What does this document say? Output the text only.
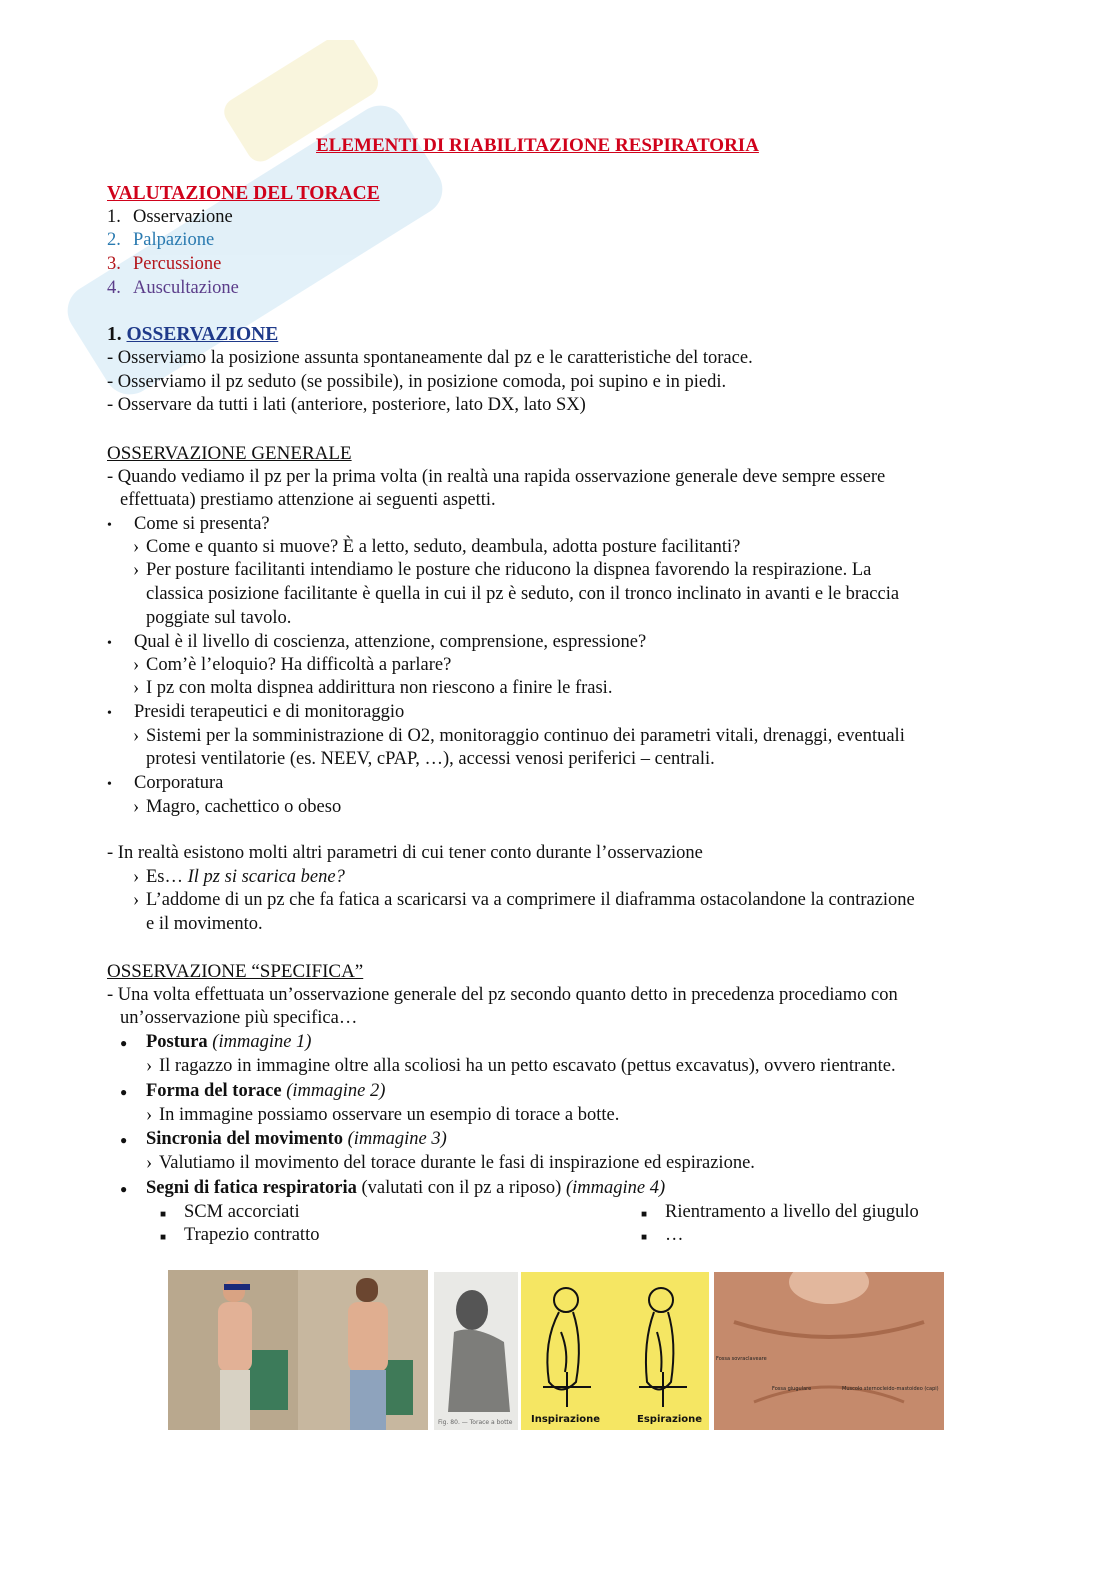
ELEMENTI DI RIABILITAZIONE RESPIRATORIA
VALUTAZIONE DEL TORACE
1. Osservazione
2. Palpazione
3. Percussione
4. Auscultazione
1. OSSERVAZIONE
- Osserviamo la posizione assunta spontaneamente dal pz e le caratteristiche del torace.
- Osserviamo il pz seduto (se possibile), in posizione comoda, poi supino e in piedi.
- Osservare da tutti i lati (anteriore, posteriore, lato DX, lato SX)
OSSERVAZIONE GENERALE
- Quando vediamo il pz per la prima volta (in realtà una rapida osservazione generale deve sempre essere
effettuata) prestiamo attenzione ai seguenti aspetti.
• Come si presenta?
› Come e quanto si muove? È a letto, seduto, deambula, adotta posture facilitanti?
› Per posture facilitanti intendiamo le posture che riducono la dispnea favorendo la respirazione. La
classica posizione facilitante è quella in cui il pz è seduto, con il tronco inclinato in avanti e le braccia
poggiate sul tavolo.
• Qual è il livello di coscienza, attenzione, comprensione, espressione?
› Com’è l’eloquio? Ha difficoltà a parlare?
› I pz con molta dispnea addirittura non riescono a finire le frasi.
• Presidi terapeutici e di monitoraggio
› Sistemi per la somministrazione di O2, monitoraggio continuo dei parametri vitali, drenaggi, eventuali
protesi ventilatorie (es. NEEV, cPAP, …), accessi venosi periferici – centrali.
• Corporatura
› Magro, cachettico o obeso
- In realtà esistono molti altri parametri di cui tener conto durante l’osservazione
› Es… Il pz si scarica bene?
› L’addome di un pz che fa fatica a scaricarsi va a comprimere il diaframma ostacolandone la contrazione
e il movimento.
OSSERVAZIONE “SPECIFICA”
- Una volta effettuata un’osservazione generale del pz secondo quanto detto in precedenza procediamo con
un’osservazione più specifica…
● Postura (immagine 1)
› Il ragazzo in immagine oltre alla scoliosi ha un petto escavato (pettus excavatus), ovvero rientrante.
● Forma del torace (immagine 2)
› In immagine possiamo osservare un esempio di torace a botte.
● Sincronia del movimento (immagine 3)
› Valutiamo il movimento del torace durante le fasi di inspirazione ed espirazione.
● Segni di fatica respiratoria (valutati con il pz a riposo) (immagine 4)
■ SCM accorciati
■ Trapezio contratto
■ Rientramento a livello del giugulo
■ …
Fig. 80. — Torace a botte Inspirazione	Espirazione
Fossa sovraclaveare
Fossa giugulare	Muscolo sternocleido-mastoideo (capi)
